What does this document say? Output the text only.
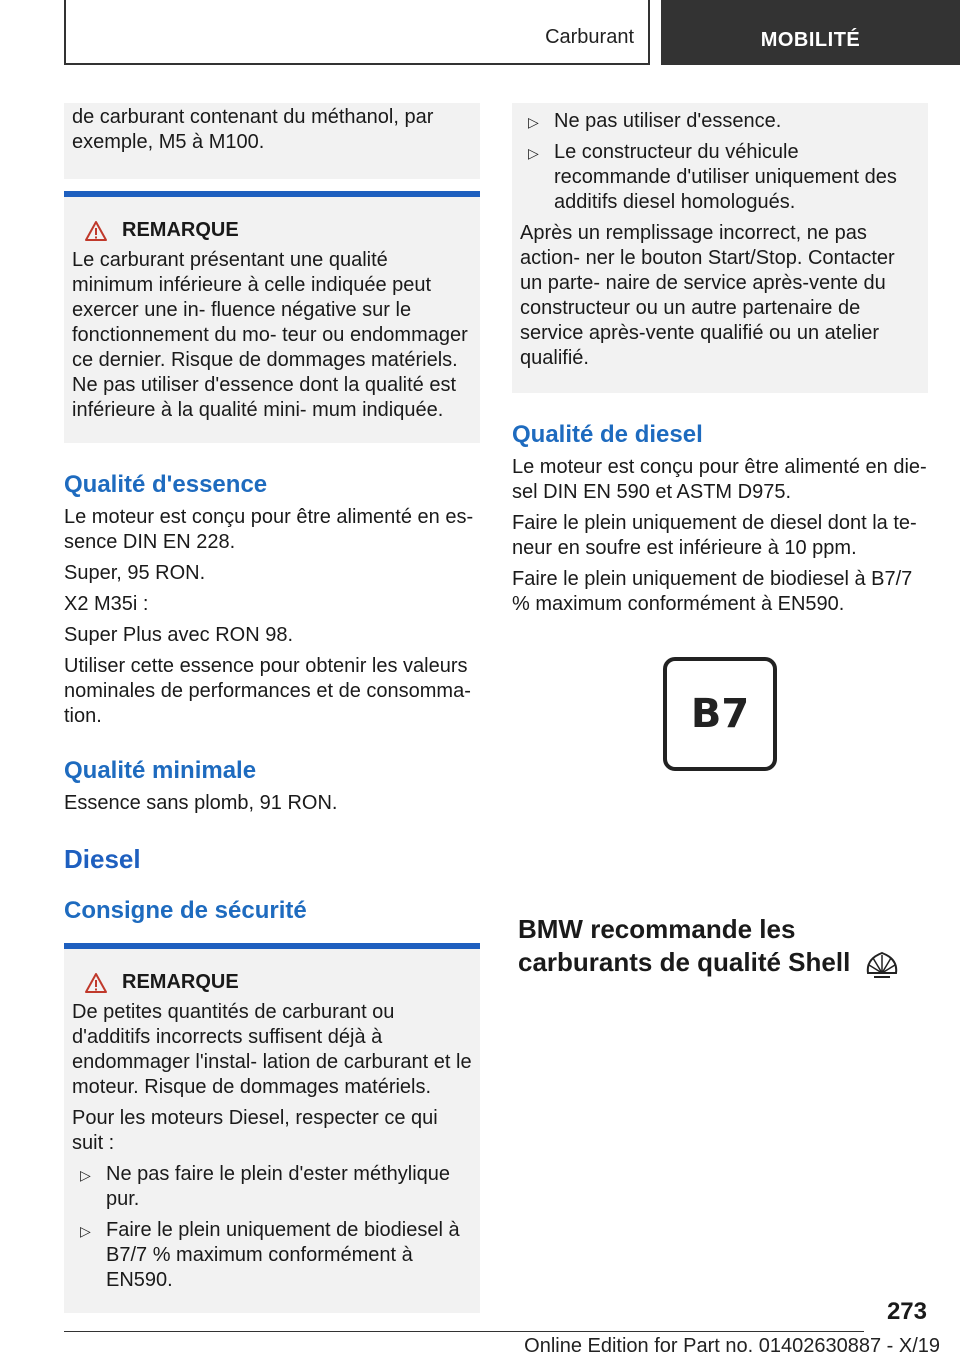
Carburant	MOBILITÉ

de carburant contenant du méthanol, par exemple, M5 à M100.

REMARQUE

Le carburant présentant une qualité minimum inférieure à celle indiquée peut exercer une in- fluence négative sur le fonctionnement du mo- teur ou endommager ce dernier. Risque de dommages matériels. Ne pas utiliser d'essence dont la qualité est inférieure à la qualité mini- mum indiquée.

Qualité d'essence

Le moteur est conçu pour être alimenté en es- sence DIN EN 228.

Super, 95 RON.

X2 M35i :

Super Plus avec RON 98.

Utiliser cette essence pour obtenir les valeurs nominales de performances et de consomma- tion.

Qualité minimale

Essence sans plomb, 91 RON.

Diesel
Consigne de sécurité
REMARQUE

De petites quantités de carburant ou d'additifs incorrects suffisent déjà à endommager l'instal- lation de carburant et le moteur. Risque de dommages matériels.

Pour les moteurs Diesel, respecter ce qui suit :

▷ Ne pas faire le plein d'ester méthylique pur.
▷ Faire le plein uniquement de biodiesel à B7/7 % maximum conformément à EN590.
▷ Ne pas utiliser d'essence.
▷ Le constructeur du véhicule recommande d'utiliser uniquement des additifs diesel homologués.

Après un remplissage incorrect, ne pas action- ner le bouton Start/Stop. Contacter un parte- naire de service après-vente du constructeur ou un autre partenaire de service après-vente qualifié ou un atelier qualifié.

Qualité de diesel

Le moteur est conçu pour être alimenté en die- sel DIN EN 590 et ASTM D975.

Faire le plein uniquement de diesel dont la te- neur en soufre est inférieure à 10 ppm.

Faire le plein uniquement de biodiesel à B7/7 % maximum conformément à EN590.

B7
BMW recommande les
carburants de qualité Shell
273
Online Edition for Part no. 01402630887 - X/19
